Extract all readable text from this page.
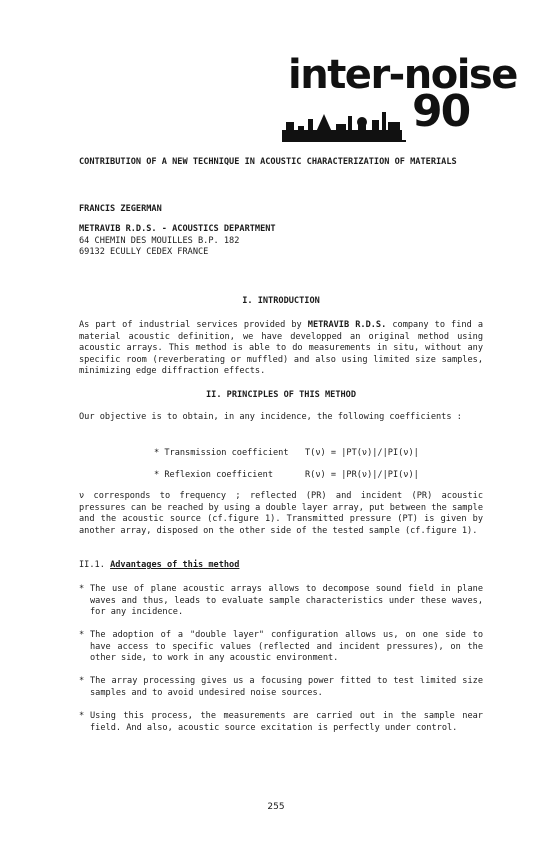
inter-noise
90
CONTRIBUTION OF A NEW TECHNIQUE IN ACOUSTIC CHARACTERIZATION OF MATERIALS
FRANCIS ZEGERMAN
METRAVIB R.D.S. - ACOUSTICS DEPARTMENT
64 CHEMIN DES MOUILLES B.P. 182
69132 ECULLY CEDEX FRANCE
I. INTRODUCTION
As part of industrial services provided by METRAVIB R.D.S. company to find a material acoustic definition, we have developped an original method using acoustic arrays. This method is able to do measurements in situ, without any specific room (reverberating or muffled) and also using limited size samples, minimizing edge diffraction effects.
II. PRINCIPLES OF THIS METHOD
Our objective is to obtain, in any incidence, the following coefficients :
* Transmission coefficient T(ν) = |PT(ν)|/|PI(ν)|
* Reflexion coefficient	R(ν) = |PR(ν)|/|PI(ν)|
ν corresponds to frequency ; reflected (PR) and incident (PR) acoustic pressures can be reached by using a double layer array, put between the sample and the acoustic source (cf.figure 1). Transmitted pressure (PT) is given by another array, disposed on the other side of the tested sample (cf.figure 1).
II.1. Advantages of this method
* The use of plane acoustic arrays allows to decompose sound field in plane waves and thus, leads to evaluate sample characteristics under these waves, for any incidence.
* The adoption of a "double layer" configuration allows us, on one side to have access to specific values (reflected and incident pressures), on the other side, to work in any acoustic environment.
* The array processing gives us a focusing power fitted to test limited size samples and to avoid undesired noise sources.
* Using this process, the measurements are carried out in the sample near field. And also, acoustic source excitation is perfectly under control.
255
